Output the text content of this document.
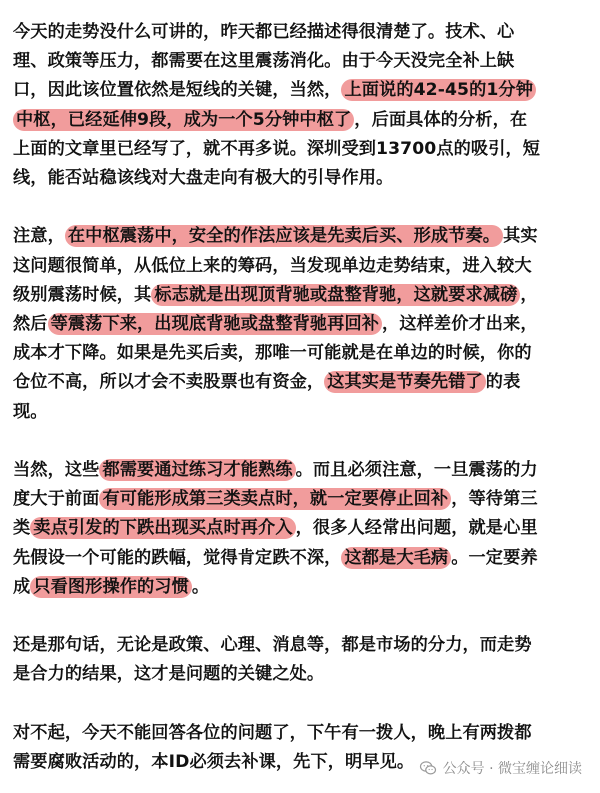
今天的走势没什么可讲的，昨天都已经描述得很清楚了。技术、心
理、政策等压力，都需要在这里震荡消化。由于今天没完全补上缺
口，因此该位置依然是短线的关键，当然， 上面说的42-45的1分钟
中枢，已经延伸9段，成为一个5分钟中枢了 ，后面具体的分析，在
上面的文章里已经写了，就不再多说。深圳受到13700点的吸引，短
线，能否站稳该线对大盘走向有极大的引导作用。
注意， 在中枢震荡中，安全的作法应该是先卖后买、形成节奏。 其实
这问题很简单，从低位上来的筹码，当发现单边走势结束，进入较大
级别震荡时候，其 标志就是出现顶背驰或盘整背驰，这就要求减磅 ，
然后 等震荡下来，出现底背驰或盘整背驰再回补 ，这样差价才出来，
成本才下降。如果是先买后卖，那唯一可能就是在单边的时候，你的
仓位不高，所以才会不卖股票也有资金， 这其实是节奏先错了 的表
现。
当然，这些 都需要通过练习才能熟练 。而且必须注意，一旦震荡的力
度大于前面 有可能形成第三类卖点时，就一定要停止回补 ，等待第三
类 卖点引发的下跌出现买点时再介入 ，很多人经常出问题，就是心里
先假设一个可能的跌幅，觉得肯定跌不深， 这都是大毛病 。一定要养
成 只看图形操作的习惯 。
还是那句话，无论是政策、心理、消息等，都是市场的分力，而走势
是合力的结果，这才是问题的关键之处。
对不起，今天不能回答各位的问题了，下午有一拨人，晚上有两拨都
需要腐败活动的，本ID必须去补课，先下，明早见。 公众号 · 微宝缠论细读
